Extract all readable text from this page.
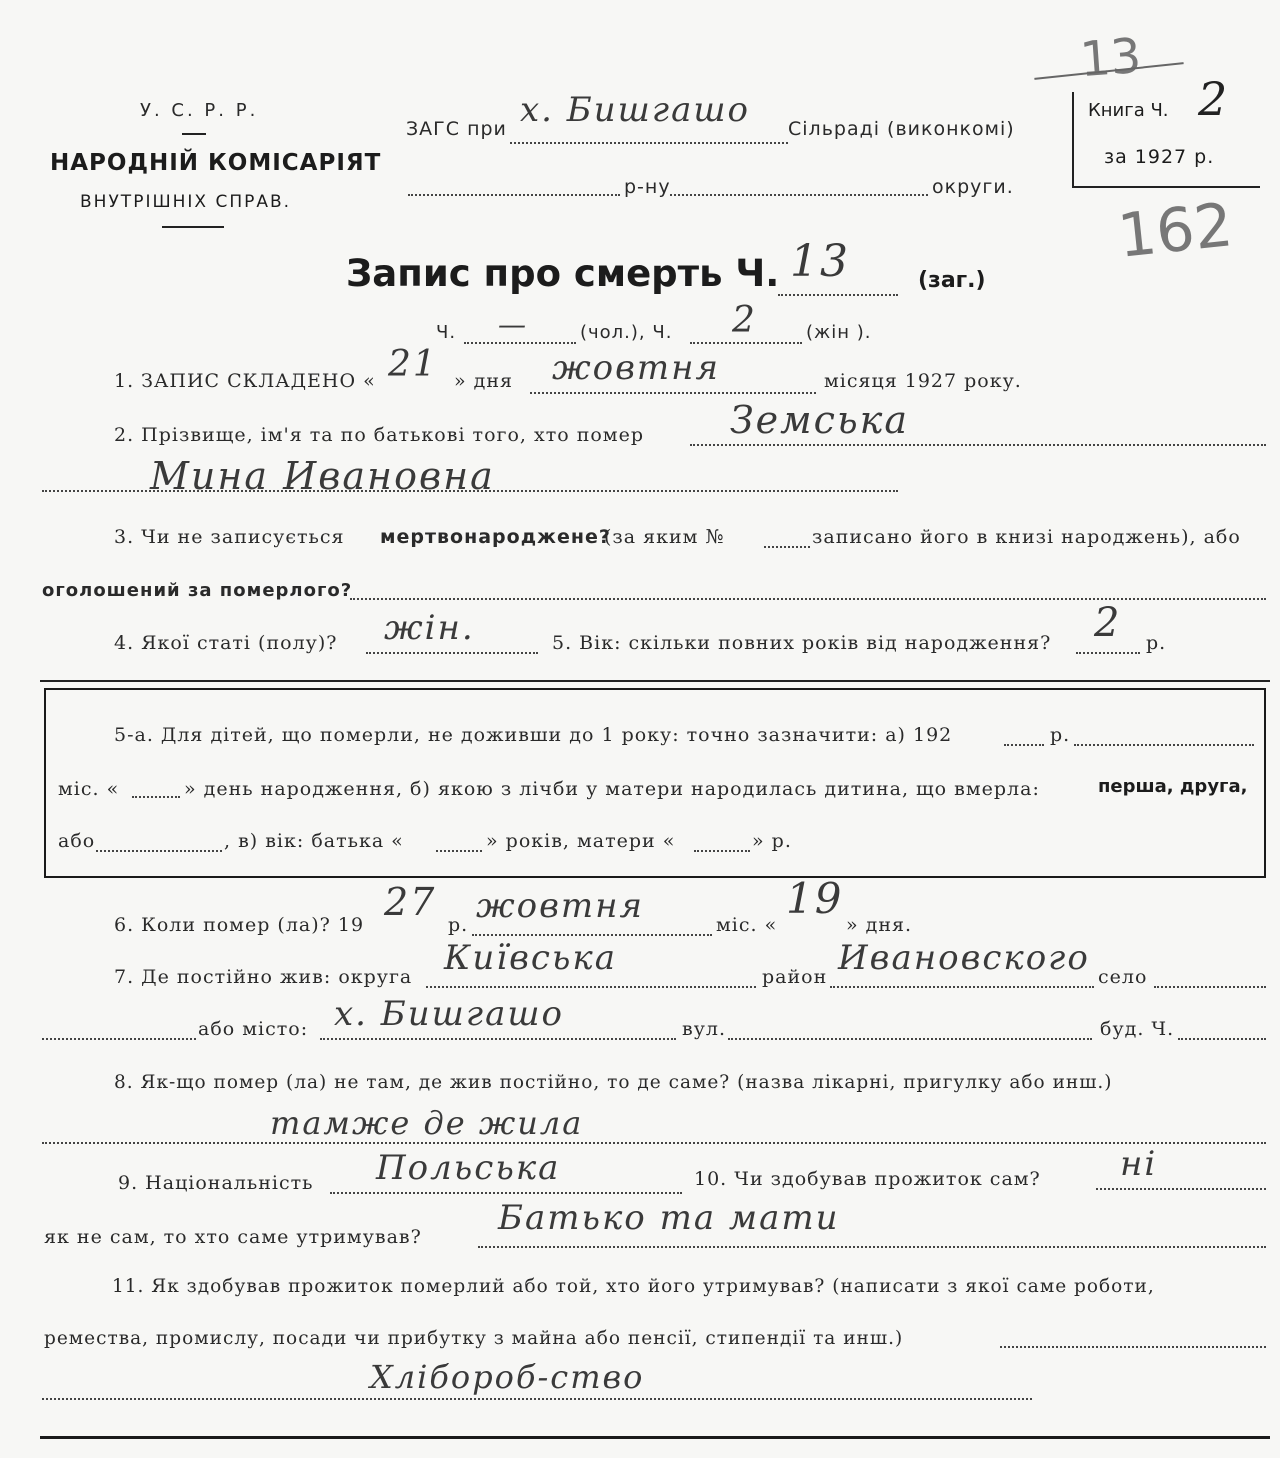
У. С. Р. Р.
НАРОДНІЙ КОМІСАРІЯТ
ВНУТРІШНІХ СПРАВ.
ЗАГС при х. Бишгашо Сільраді (виконкомі)
р-ну	округи.
13
Книга Ч. 2
за 1927 р.
162
Запис про смерть Ч. 13	(заг.)
Ч. —	(чол.), Ч. 2	(жін ).
1. ЗАПИС СКЛАДЕНО « 21 » дня жовтня	місяця 1927 року.
2. Прізвище, ім'я та по батькові того, хто помер Земська
Мина Ивановна
3. Чи не записується мертвонароджене?
(за яким №	записано його в книзі народжень), або
оголошений за померлого?
4. Якої статі (полу)? жін.	5. Вік: скільки повних років від народження? 2 р.
5-а. Для дітей, що померли, не доживши до 1 року: точно зазначити: а) 192	р.
міс. «	» день народження, б) якою з лічби у матери народилась дитина, що вмерла:	перша, друга,
або	, в) вік: батька «	» років, матери «	» р.
6. Коли помер (ла)? 19
27
р. жовтня	міс. «
19
» дня.
7. Де постійно жив: округа Київська	район Ивановского село
або місто: х. Бишгашо	вул.	буд. Ч.
8. Як-що помер (ла) не там, де жив постійно, то де саме? (назва лікарні, пригулку або инш.)
тамже де жила
9. Національність Польська	10. Чи здобував прожиток сам? ні
як не сам, то хто саме утримував? Батько та мати
11. Як здобував прожиток померлий або той, хто його утримував? (написати з якої саме роботи,
ремества, промислу, посади чи прибутку з майна або пенсії, стипендії та инш.)
Хлібороб-ство
